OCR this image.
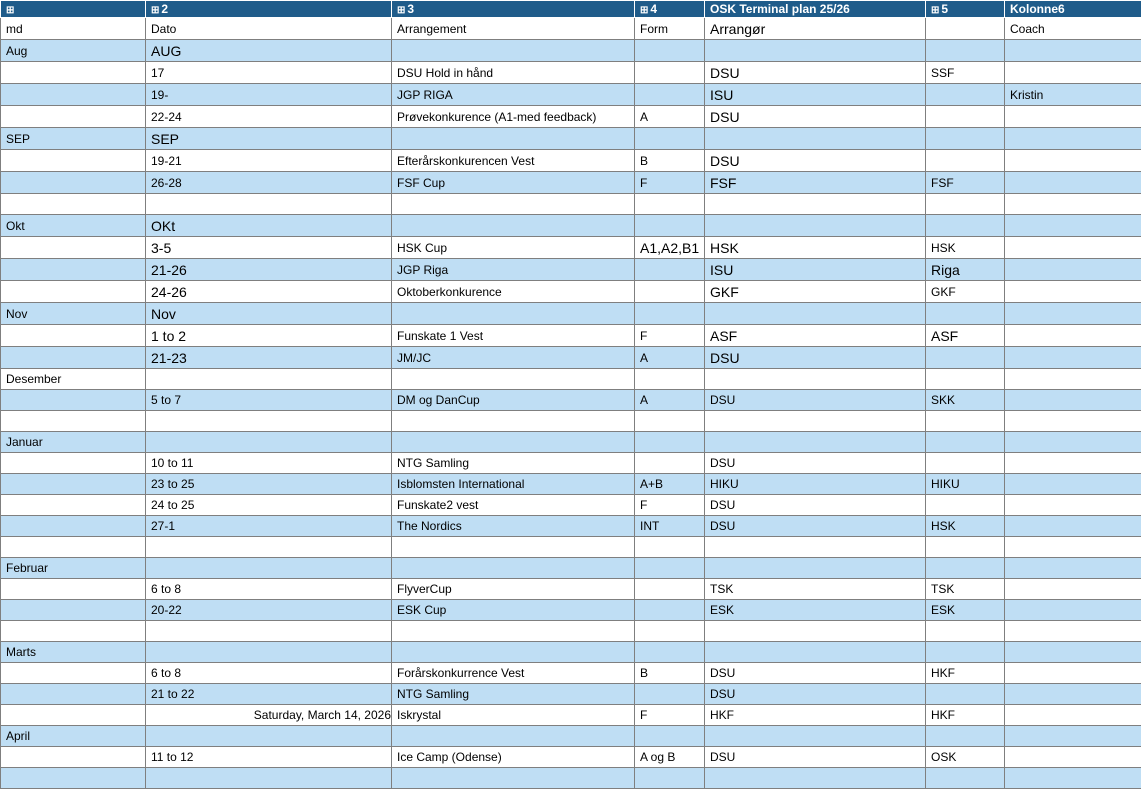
⊞	⊞ 2	⊞ 3	⊞ 4	OSK Terminal plan 25/26	⊞ 5	Kolonne6
md	Dato	Arrangement	Form	Arrangør		Coach
Aug	AUG					
	17	DSU Hold in hånd		DSU	SSF	
	19-	JGP RIGA		ISU		Kristin
	22-24	Prøvekonkurence (A1-med feedback)	A	DSU		
SEP	SEP					
	19-21	Efterårskonkurencen Vest	B	DSU		
	26-28	FSF Cup	F	FSF	FSF	

Okt	OKt					
	3-5	HSK Cup	A1,A2,B1	HSK	HSK	
	21-26	JGP Riga		ISU	Riga	
	24-26	Oktoberkonkurence		GKF	GKF	
Nov	Nov					
	1 to 2	Funskate 1 Vest	F	ASF	ASF	
	21-23	JM/JC	A	DSU		
Desember						
	5 to 7	DM og DanCup	A	DSU	SKK	

Januar						
	10 to 11	NTG Samling		DSU		
	23 to 25	Isblomsten International	A+B	HIKU	HIKU	
	24 to 25	Funskate2 vest	F	DSU		
	27-1	The Nordics	INT	DSU	HSK	

Februar						
	6 to 8	FlyverCup		TSK	TSK	
	20-22	ESK Cup		ESK	ESK	

Marts						
	6 to 8	Forårskonkurrence Vest	B	DSU	HKF	
	21 to 22	NTG Samling		DSU		
	Saturday, March 14, 2026	Iskrystal	F	HKF	HKF	
April						
	11 to 12	Ice Camp (Odense)	A og B	DSU	OSK	
